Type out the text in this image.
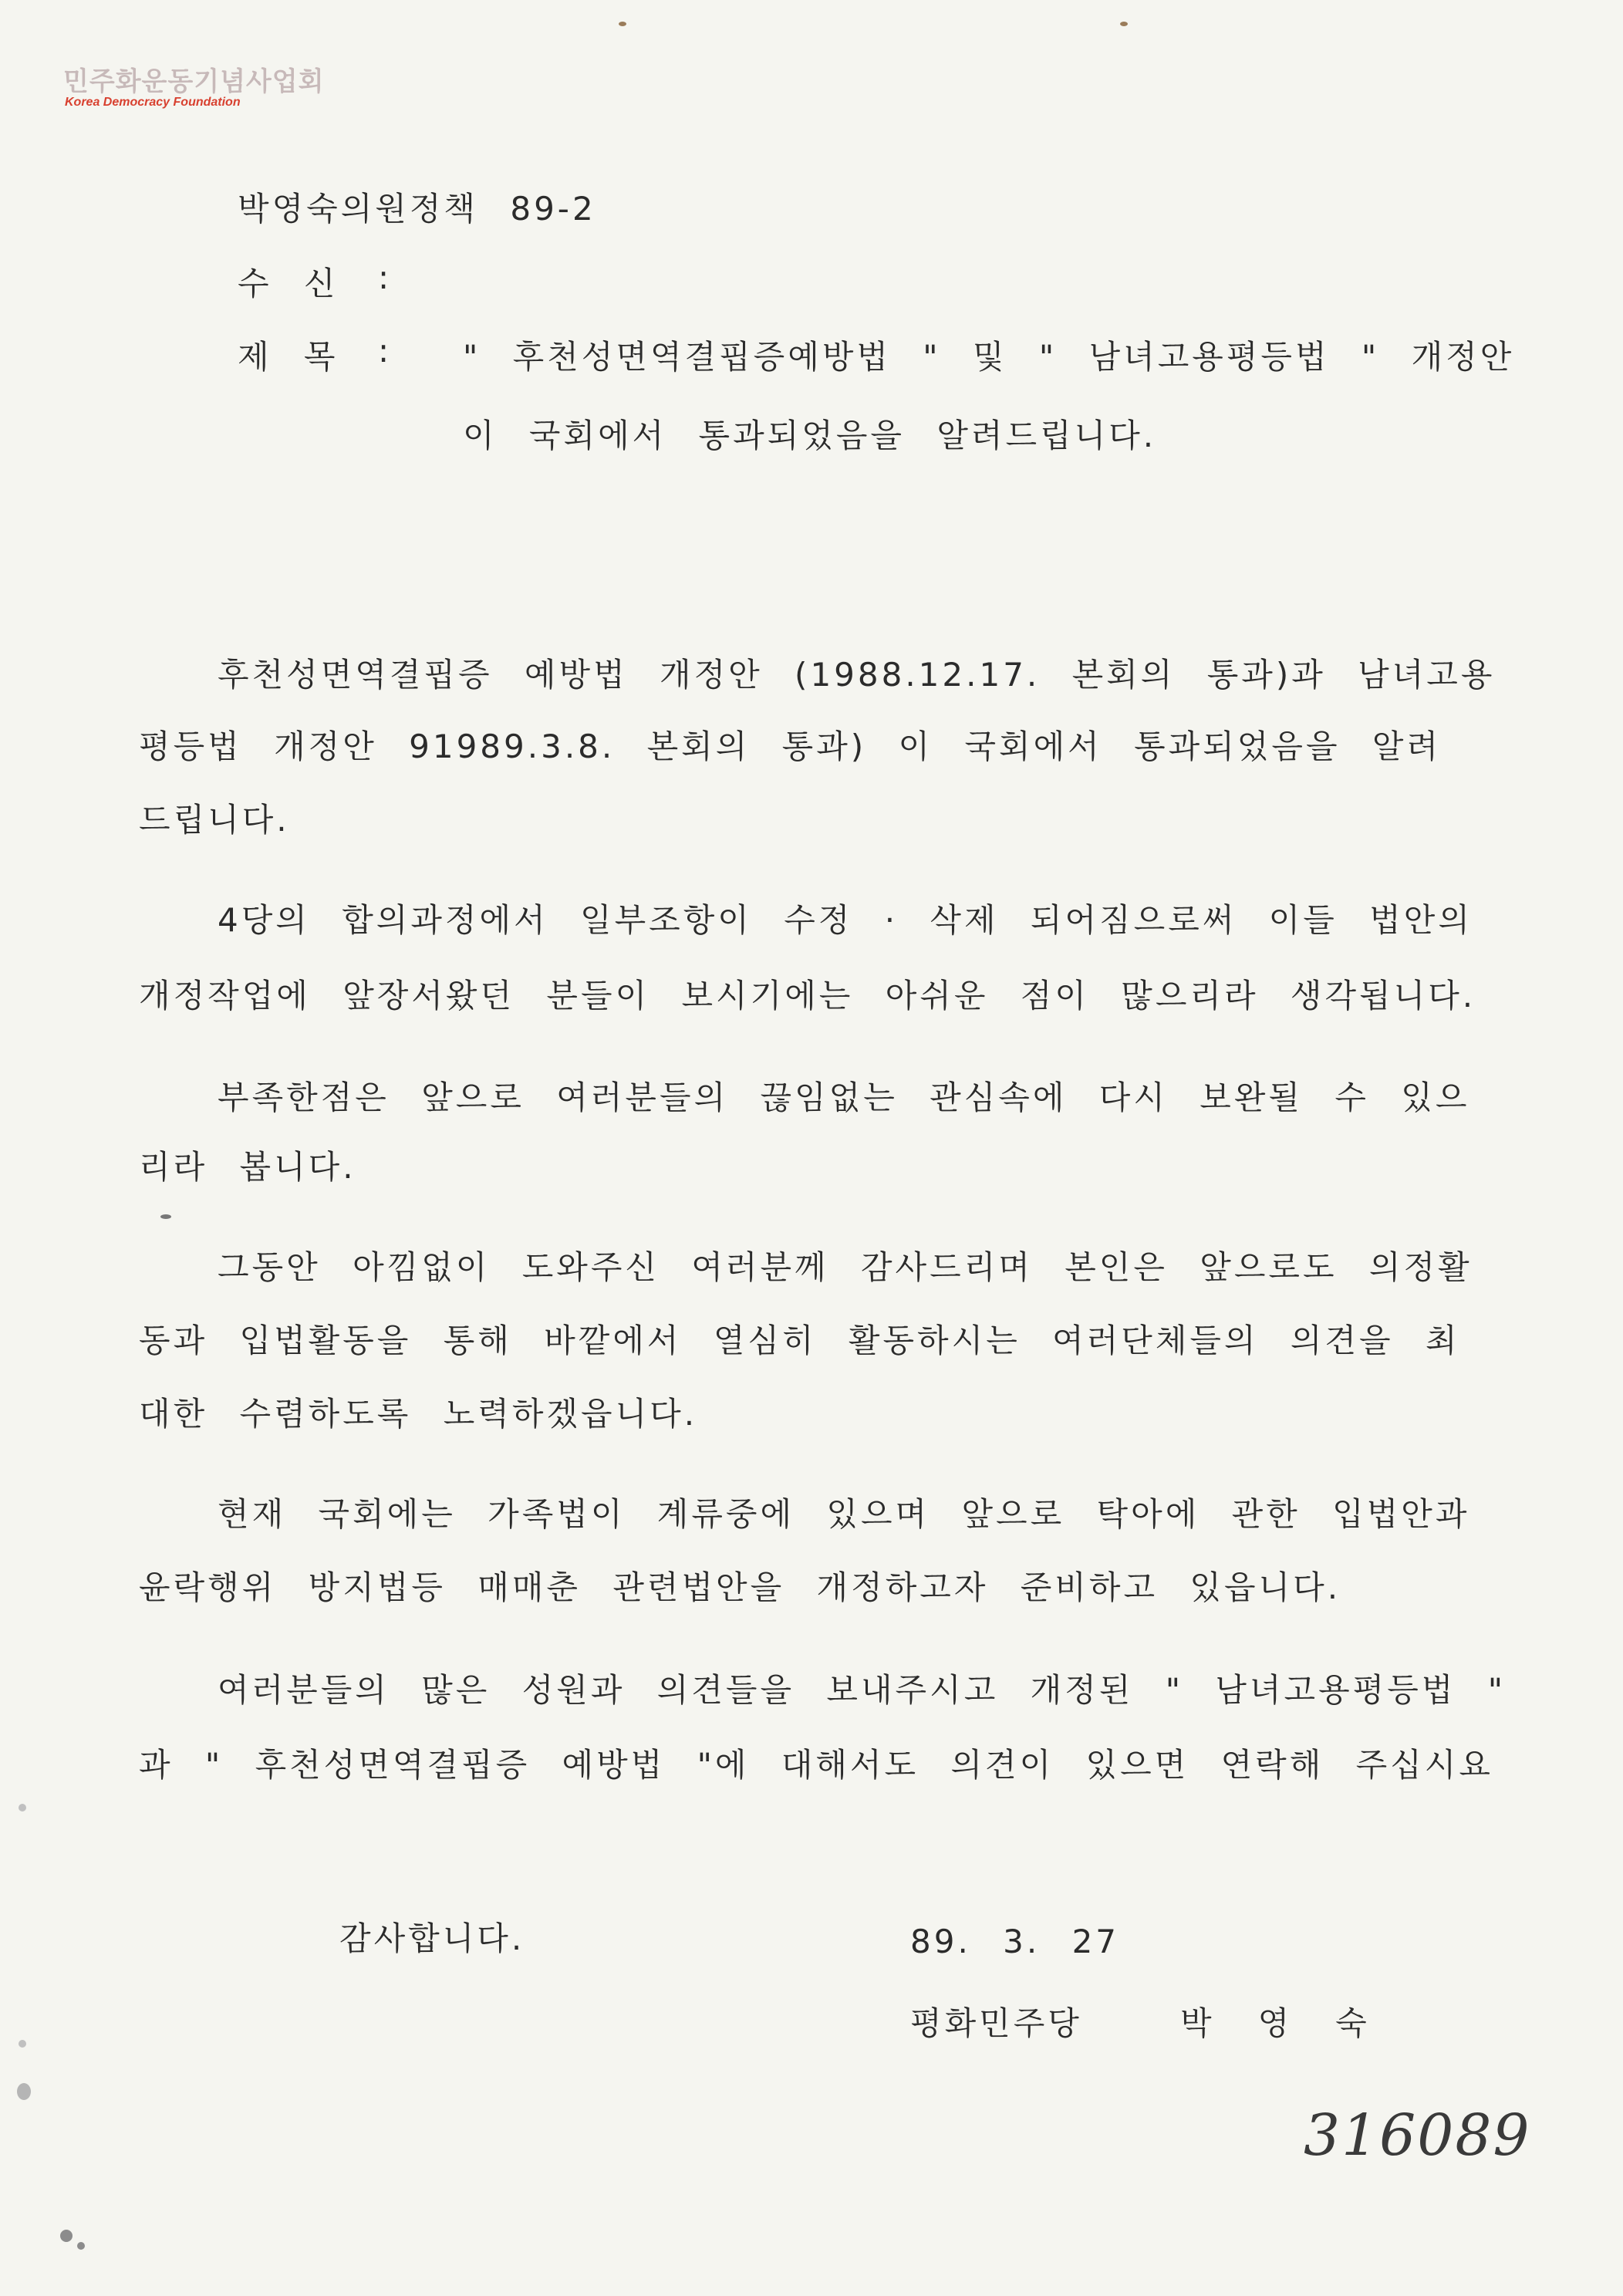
민주화운동기념사업회
Korea Democracy Foundation
박영숙의원정책 89-2
수 신 :
제 목 : " 후천성면역결핍증예방법 " 및 " 남녀고용평등법 " 개정안
이 국회에서 통과되었음을 알려드립니다.
후천성면역결핍증 예방법 개정안 (1988.12.17. 본회의 통과)과 남녀고용
평등법 개정안 91989.3.8. 본회의 통과) 이 국회에서 통과되었음을 알려
드립니다.
4당의 합의과정에서 일부조항이 수정 · 삭제 되어짐으로써 이들 법안의
개정작업에 앞장서왔던 분들이 보시기에는 아쉬운 점이 많으리라 생각됩니다.
부족한점은 앞으로 여러분들의 끊임없는 관심속에 다시 보완될 수 있으
리라 봅니다.
그동안 아낌없이 도와주신 여러분께 감사드리며 본인은 앞으로도 의정활
동과 입법활동을 통해 바깥에서 열심히 활동하시는 여러단체들의 의견을 최
대한 수렴하도록 노력하겠읍니다.
현재 국회에는 가족법이 계류중에 있으며 앞으로 탁아에 관한 입법안과
윤락행위 방지법등 매매춘 관련법안을 개정하고자 준비하고 있읍니다.
여러분들의 많은 성원과 의견들을 보내주시고 개정된 " 남녀고용평등법 "
과 " 후천성면역결핍증 예방법 "에 대해서도 의견이 있으면 연락해 주십시요
감사합니다.	89. 3. 27
평화민주당	박영숙
316089
